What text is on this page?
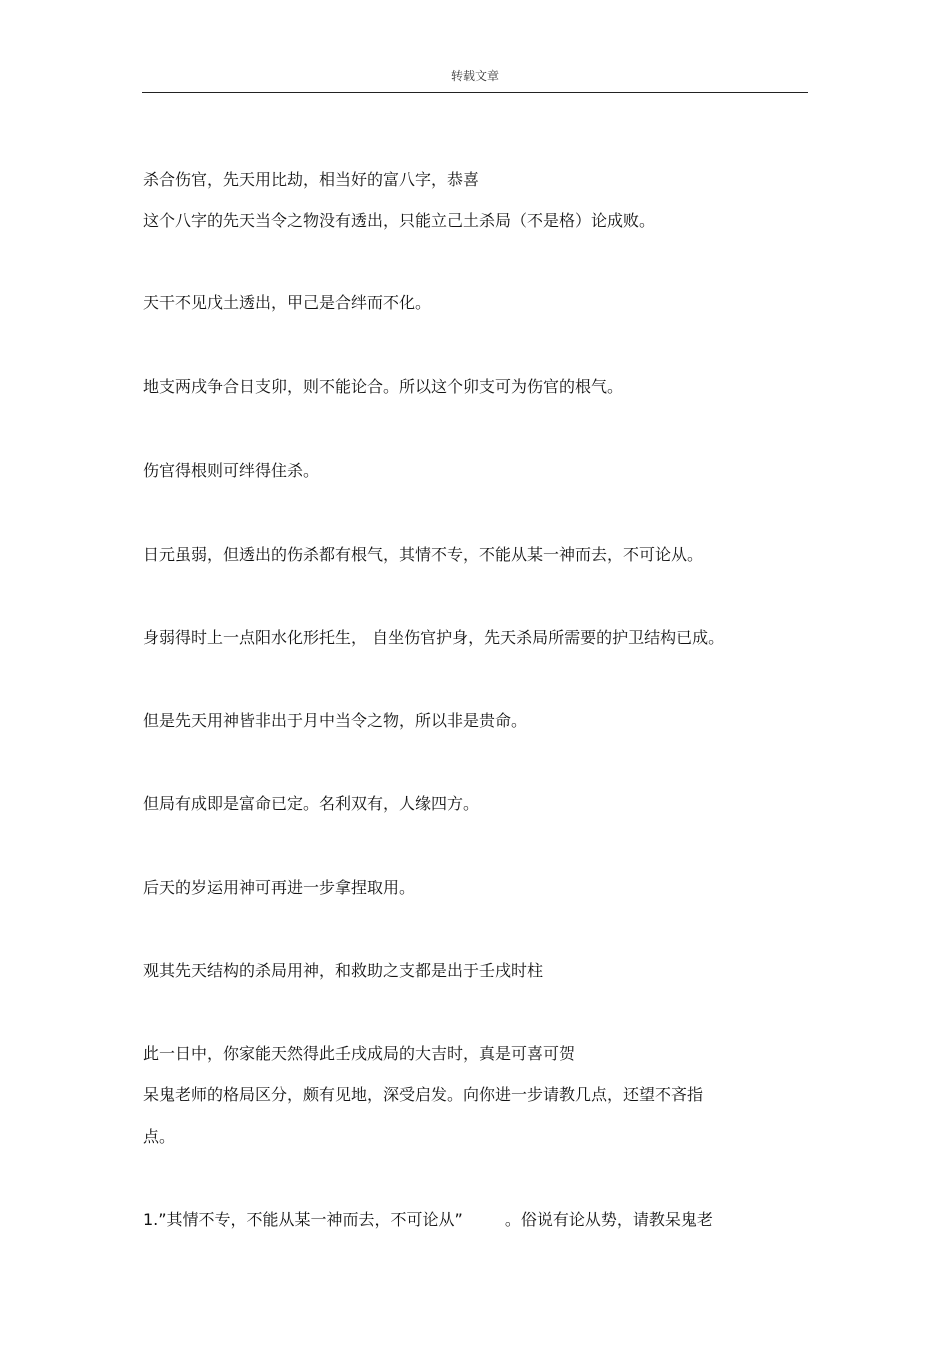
转载文章
杀合伤官，先天用比劫，相当好的富八字，恭喜
这个八字的先天当令之物没有透出，只能立己土杀局（不是格）论成败。
天干不见戊土透出，甲己是合绊而不化。
地支两戌争合日支卯，则不能论合。所以这个卯支可为伤官的根气。
伤官得根则可绊得住杀。
日元虽弱，但透出的伤杀都有根气，其情不专，不能从某一神而去，不可论从。
身弱得时上一点阳水化形托生， 自坐伤官护身，先天杀局所需要的护卫结构已成。
但是先天用神皆非出于月中当令之物，所以非是贵命。
但局有成即是富命已定。名利双有，人缘四方。
后天的岁运用神可再进一步拿捏取用。
观其先天结构的杀局用神，和救助之支都是出于壬戌时柱
此一日中，你家能天然得此壬戌成局的大吉时，真是可喜可贺
呆鬼老师的格局区分，颇有见地，深受启发。向你进一步请教几点，还望不吝指
点。
1.”其情不专，不能从某一神而去，不可论从”	。俗说有论从势，请教呆鬼老
